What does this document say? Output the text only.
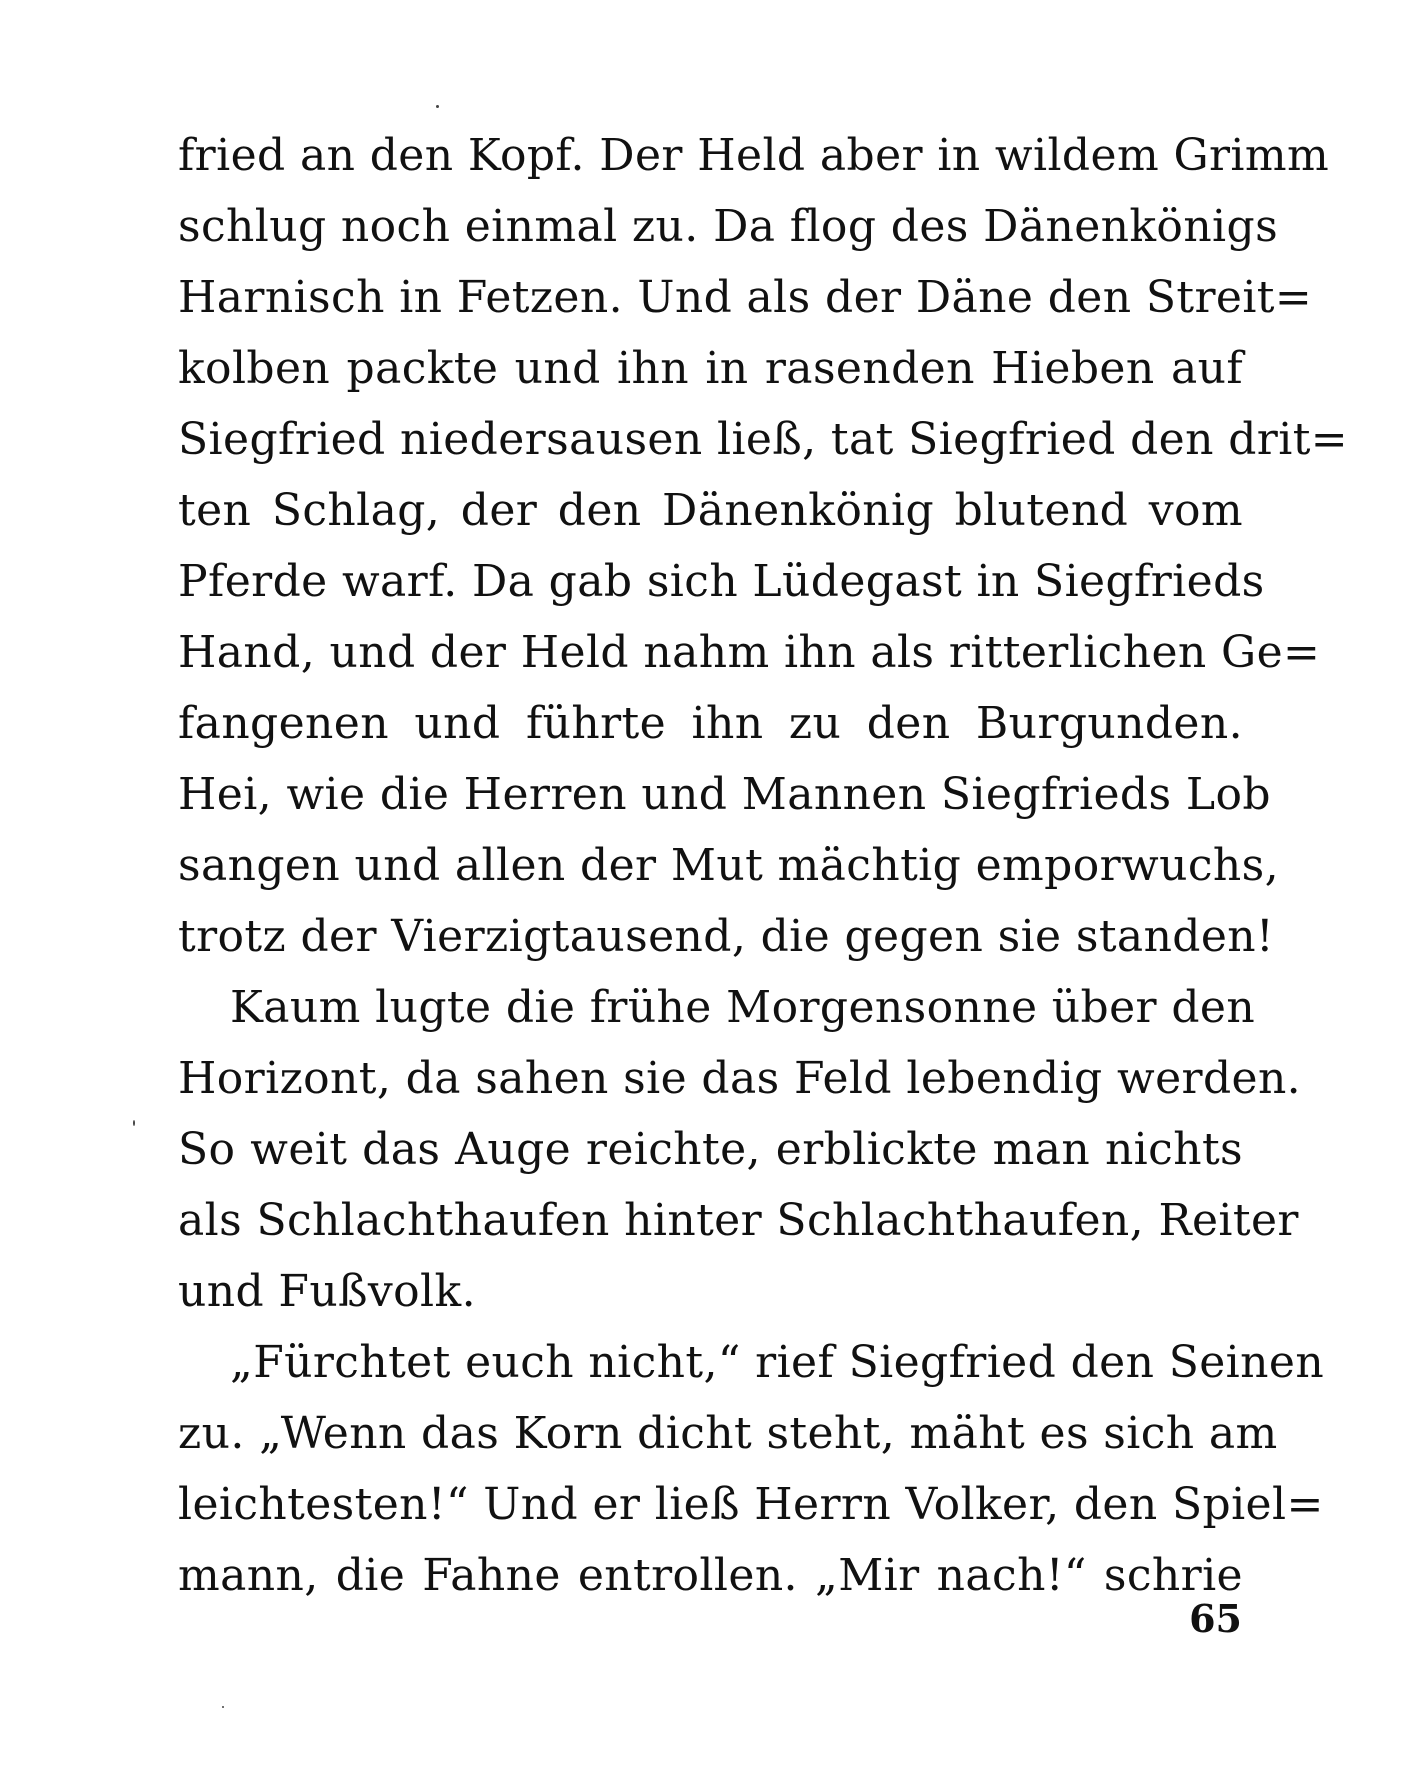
fried an den Kopf. Der Held aber in wildem Grimm
schlug noch einmal zu. Da flog des Dänenkönigs
Harnisch in Fetzen. Und als der Däne den Streit=
kolben packte und ihn in rasenden Hieben auf
Siegfried niedersausen ließ, tat Siegfried den drit=
ten Schlag, der den Dänenkönig blutend vom
Pferde warf. Da gab sich Lüdegast in Siegfrieds
Hand, und der Held nahm ihn als ritterlichen Ge=
fangenen und führte ihn zu den Burgunden.
Hei, wie die Herren und Mannen Siegfrieds Lob
sangen und allen der Mut mächtig emporwuchs,
trotz der Vierzigtausend, die gegen sie standen!
Kaum lugte die frühe Morgensonne über den
Horizont, da sahen sie das Feld lebendig werden.
So weit das Auge reichte, erblickte man nichts
als Schlachthaufen hinter Schlachthaufen, Reiter
und Fußvolk.
„Fürchtet euch nicht,“ rief Siegfried den Seinen
zu. „Wenn das Korn dicht steht, mäht es sich am
leichtesten!“ Und er ließ Herrn Volker, den Spiel=
mann, die Fahne entrollen. „Mir nach!“ schrie
65
